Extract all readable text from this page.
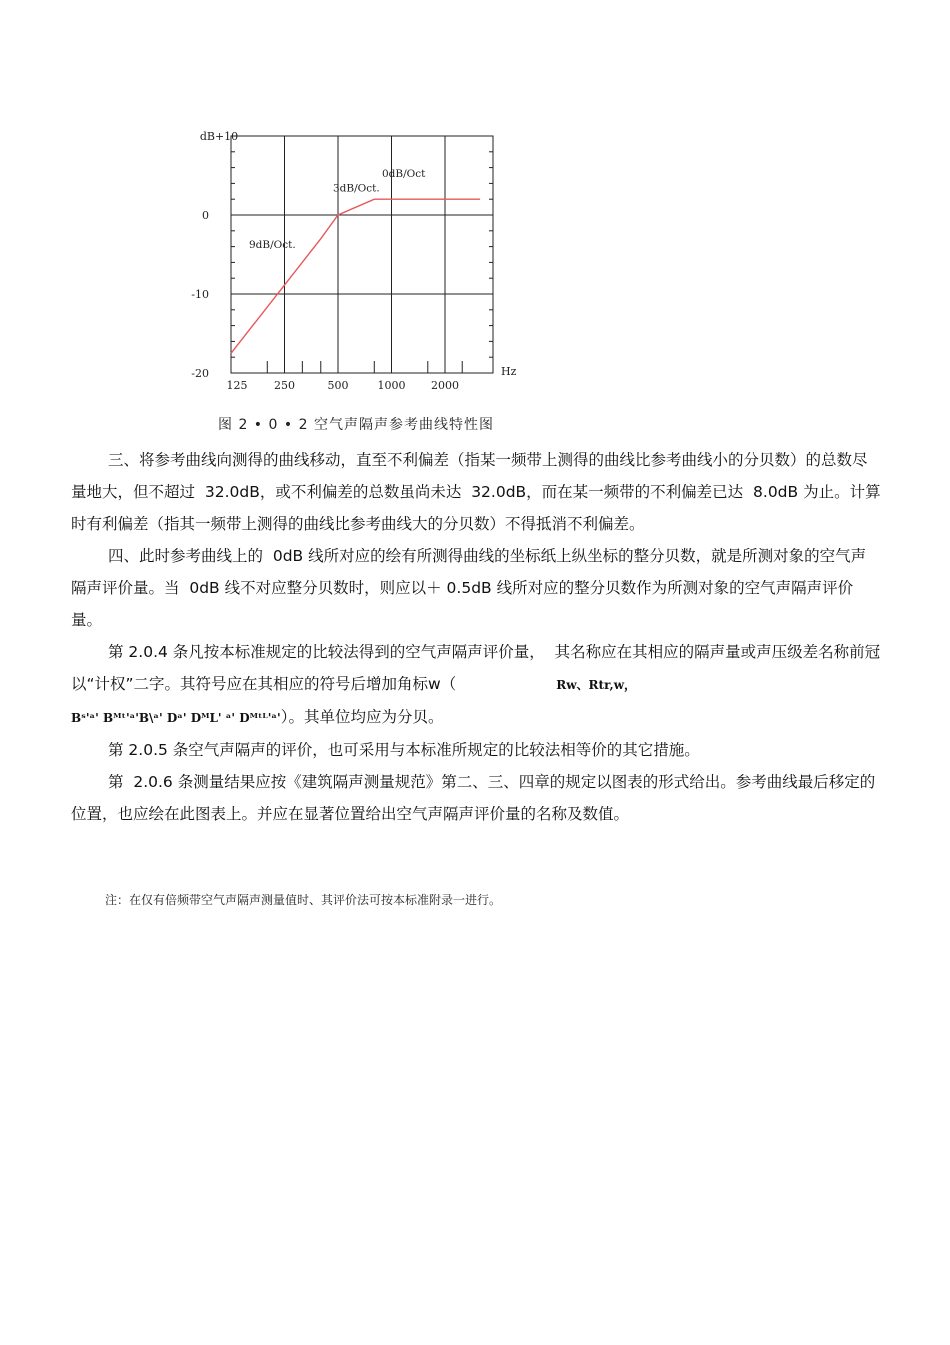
dB+10
0
-10
-20
125 250	500	1000 2000
Hz
9dB/Oct.
3dB/Oct.
0dB/Oct
图 2 • 0 • 2 空气声隔声参考曲线特性图

三、将参考曲线向测得的曲线移动，直至不利偏差（指某一频带上测得的曲线比参考曲线小的分贝数）的总数尽量地大，但不超过  32.0dB，或不利偏差的总数虽尚未达  32.0dB，而在某一频带的不利偏差已达  8.0dB 为止。计算时有利偏差（指其一频带上测得的曲线比参考曲线大的分贝数）不得抵消不利偏差。

四、此时参考曲线上的  0dB 线所对应的绘有所测得曲线的坐标纸上纵坐标的整分贝数，就是所测对象的空气声隔声评价量。当  0dB 线不对应整分贝数时，则应以＋ 0.5dB 线所对应的整分贝数作为所测对象的空气声隔声评价量。

第 2.0.4 条凡按本标准规定的比较法得到的空气声隔声评价量，  其名称应在其相应的隔声量或声压级差名称前冠以“计权”二字。其符号应在其相应的符号后增加角标w（	Rw、Rtr,w，
Bˢ'ᵃ' Bᴹᵗ'ᵃ'B\ᵃ' Dᵃ' DᴹL' ᵃ' Dᴹᵗᴸ'ᵃ'）。其单位均应为分贝。

第 2.0.5 条空气声隔声的评价，也可采用与本标准所规定的比较法相等价的其它措施。

第  2.0.6 条测量结果应按《建筑隔声测量规范》第二、三、四章的规定以图表的形式给出。参考曲线最后移定的位置，也应绘在此图表上。并应在显著位置给出空气声隔声评价量的名称及数值。

注：在仅有倍频带空气声隔声测量值时、其评价法可按本标准附录一进行。
